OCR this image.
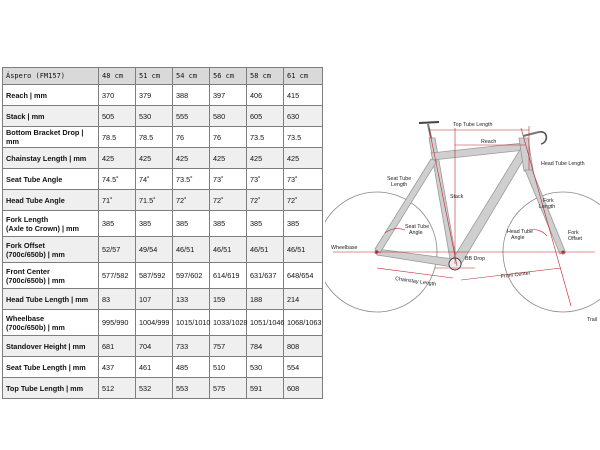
Áspero (FM157)	48 cm	51 cm	54 cm	56 cm	58 cm	61 cm
Reach | mm	370	379	388	397	406	415
Stack | mm	505	530	555	580	605	630
Bottom Bracket Drop | mm	78.5	78.5	76	76	73.5	73.5
Chainstay Length | mm	425	425	425	425	425	425
Seat Tube Angle	74.5˚	74˚	73.5˚	73˚	73˚	73˚
Head Tube Angle	71˚	71.5˚	72˚	72˚	72˚	72˚

Fork Length
(Axle to Crown) | mm	385	385	385	385	385	385

Fork Offset
(700c/650b) | mm	52/57	49/54	46/51	46/51	46/51	46/51

Front Center
(700c/650b) | mm	577/582	587/592	597/602	614/619	631/637	648/654
Head Tube Length | mm	83	107	133	159	188	214

Wheelbase
(700c/650b) | mm	995/990	1004/999	1015/1010	1033/1028	1051/1046	1068/1063
Standover Height | mm	681	704	733	757	784	808
Seat Tube Length | mm	437	461	485	510	530	554
Top Tube Length | mm	512	532	553	575	591	608
Top Tube Length
Reach
Seat Tube Length
Head Tube Length
Stack
Head Tube Angle
Seat Tube Angle
Fork Length
Fork Offset
Wheelbase
Chainstay Length
BB Drop
Front Center
Trail
